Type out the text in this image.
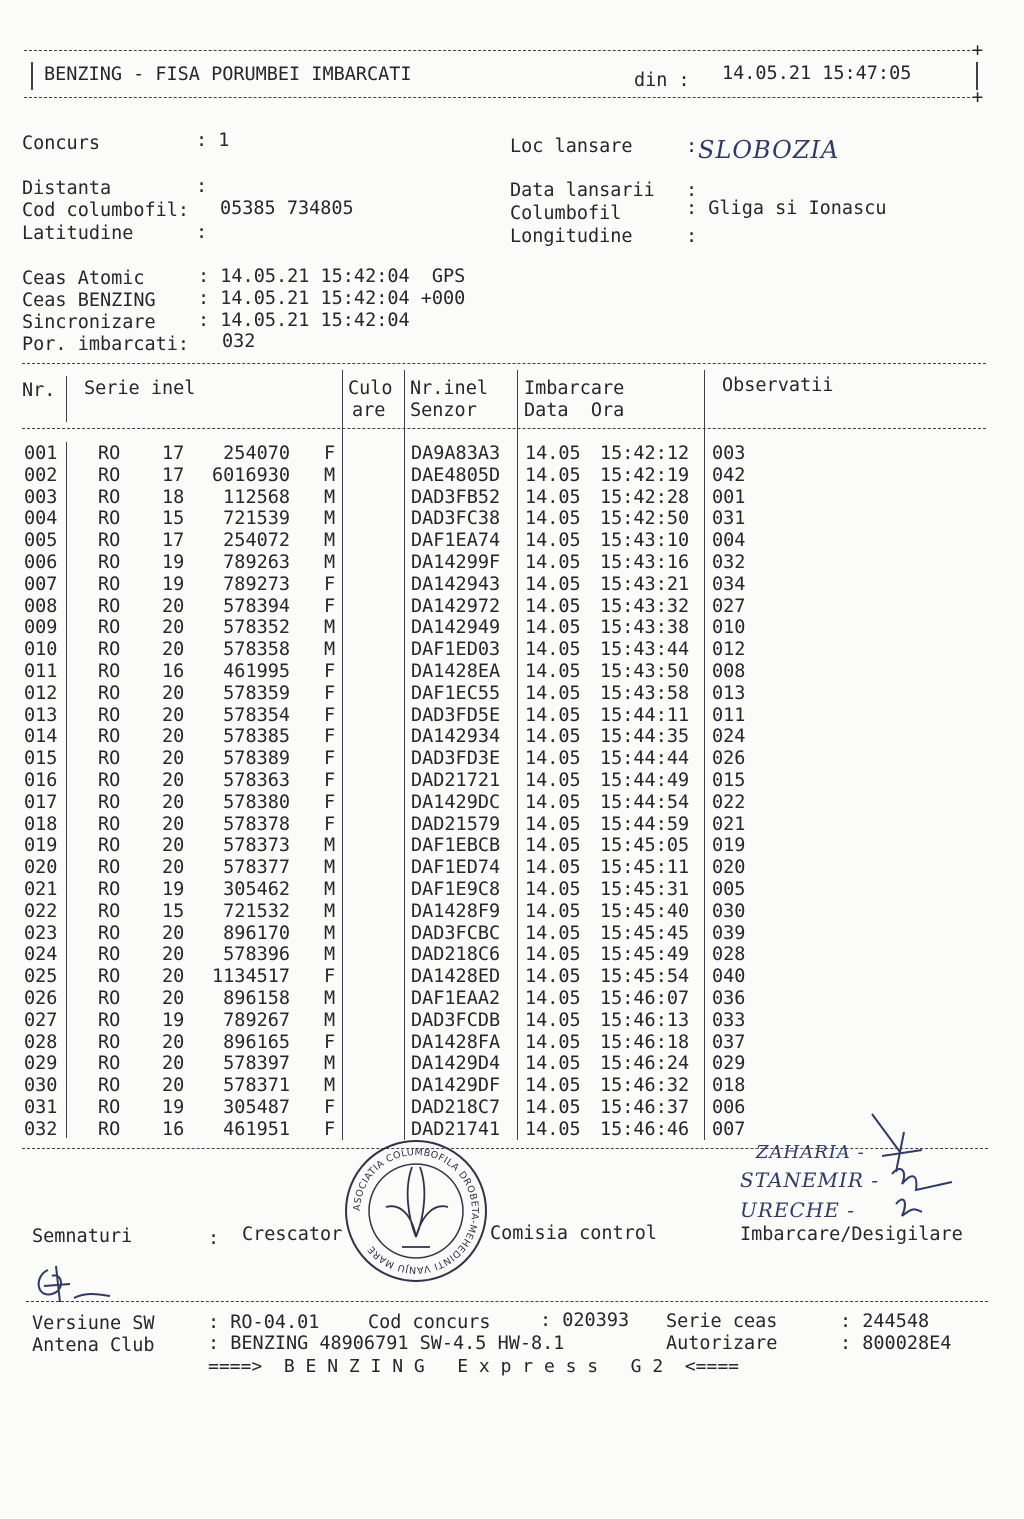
+
BENZING - FISA PORUMBEI IMBARCATI	din : 14.05.21 15:47:05
+
Concurs	: 1	Loc lansare	: SLOBOZIA
Distanta	:	Data lansarii :
Cod columbofil: 05385 734805	Columbofil	: Gliga si Ionascu
Latitudine	:	Longitudine	:
Ceas Atomic	: 14.05.21 15:42:04  GPS
Ceas BENZING : 14.05.21 15:42:04 +000
Sincronizare : 14.05.21 15:42:04
Por. imbarcati: 032
Nr. Serie inel	Culo
are
Nr.inel
Senzor
Imbarcare
Data  Ora
Observatii
001 RO 17	254070 F	DA9A83A3 14.05 15:42:12 003
002 RO 17	6016930 M	DAE4805D 14.05 15:42:19 042
003 RO 18	112568 M	DAD3FB52 14.05 15:42:28 001
004 RO 15	721539 M	DAD3FC38 14.05 15:42:50 031
005 RO 17	254072 M	DAF1EA74 14.05 15:43:10 004
006 RO 19	789263 M	DA14299F 14.05 15:43:16 032
007 RO 19	789273 F	DA142943 14.05 15:43:21 034
008 RO 20	578394 F	DA142972 14.05 15:43:32 027
009 RO 20	578352 M	DA142949 14.05 15:43:38 010
010 RO 20	578358 M	DAF1ED03 14.05 15:43:44 012
011 RO 16	461995 F	DA1428EA 14.05 15:43:50 008
012 RO 20	578359 F	DAF1EC55 14.05 15:43:58 013
013 RO 20	578354 F	DAD3FD5E 14.05 15:44:11 011
014 RO 20	578385 F	DA142934 14.05 15:44:35 024
015 RO 20	578389 F	DAD3FD3E 14.05 15:44:44 026
016 RO 20	578363 F	DAD21721 14.05 15:44:49 015
017 RO 20	578380 F	DA1429DC 14.05 15:44:54 022
018 RO 20	578378 F	DAD21579 14.05 15:44:59 021
019 RO 20	578373 M	DAF1EBCB 14.05 15:45:05 019
020 RO 20	578377 M	DAF1ED74 14.05 15:45:11 020
021 RO 19	305462 M	DAF1E9C8 14.05 15:45:31 005
022 RO 15	721532 M	DA1428F9 14.05 15:45:40 030
023 RO 20	896170 M	DAD3FCBC 14.05 15:45:45 039
024 RO 20	578396 M	DAD218C6 14.05 15:45:49 028
025 RO 20	1134517 F	DA1428ED 14.05 15:45:54 040
026 RO 20	896158 M	DAF1EAA2 14.05 15:46:07 036
027 RO 19	789267 M	DAD3FCDB 14.05 15:46:13 033
028 RO 20	896165 F	DA1428FA 14.05 15:46:18 037
029 RO 20	578397 M	DA1429D4 14.05 15:46:24 029
030 RO 20	578371 M	DA1429DF 14.05 15:46:32 018
031 RO 19	305487 F	DAD218C7 14.05 15:46:37 006
032 RO 16	461951 F	DAD21741 14.05 15:46:46 007
ZAHARIA -
STANEMIR -
URECHE -
Semnaturi	: Crescator	Comisia control	Imbarcare/Desigilare
ASOCIATIA COLUMBOFILA DROBETA-MEHEDINTI VANJU MARE
Versiune SW	: RO-04.01	Cod concurs	: 020393 Serie ceas	: 244548
Antena Club	: BENZING 48906791 SW-4.5 HW-8.1	Autorizare	: 800028E4
====>  B E N Z I N G   E x p r e s s   G 2  <====
